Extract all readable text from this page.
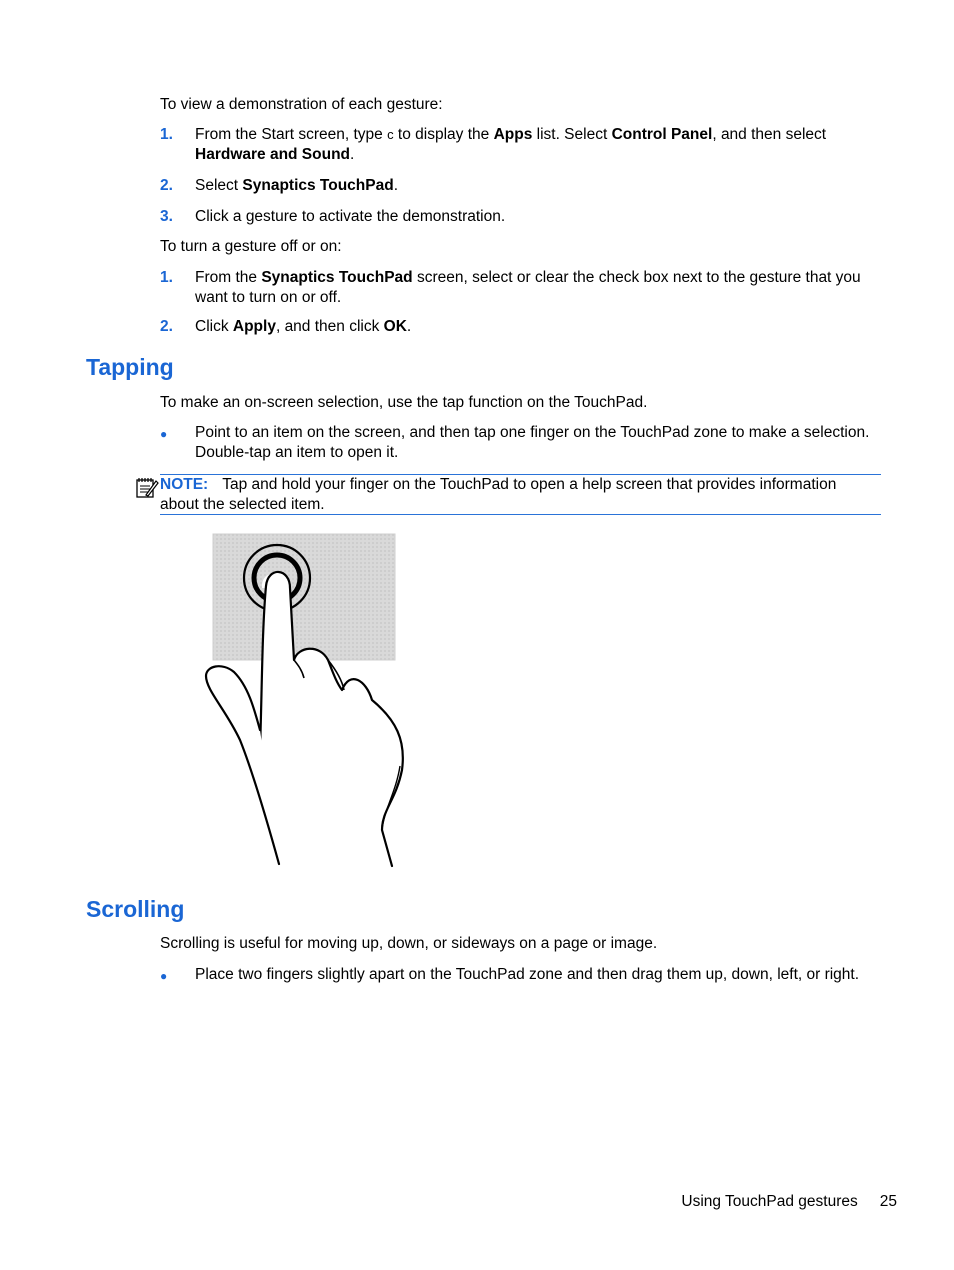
To view a demonstration of each gesture:
1. From the Start screen, type c to display the Apps list. Select Control Panel, and then select
Hardware and Sound.
2. Select Synaptics TouchPad.
3. Click a gesture to activate the demonstration.
To turn a gesture off or on:
1. From the Synaptics TouchPad screen, select or clear the check box next to the gesture that you want to turn on or off.
2. Click Apply, and then click OK.
Tapping
To make an on-screen selection, use the tap function on the TouchPad.
● Point to an item on the screen, and then tap one finger on the TouchPad zone to make a selection. Double-tap an item to open it.
NOTE: Tap and hold your finger on the TouchPad to open a help screen that provides information about the selected item.
Scrolling
Scrolling is useful for moving up, down, or sideways on a page or image.
● Place two fingers slightly apart on the TouchPad zone and then drag them up, down, left, or right.
Using TouchPad gestures 25
